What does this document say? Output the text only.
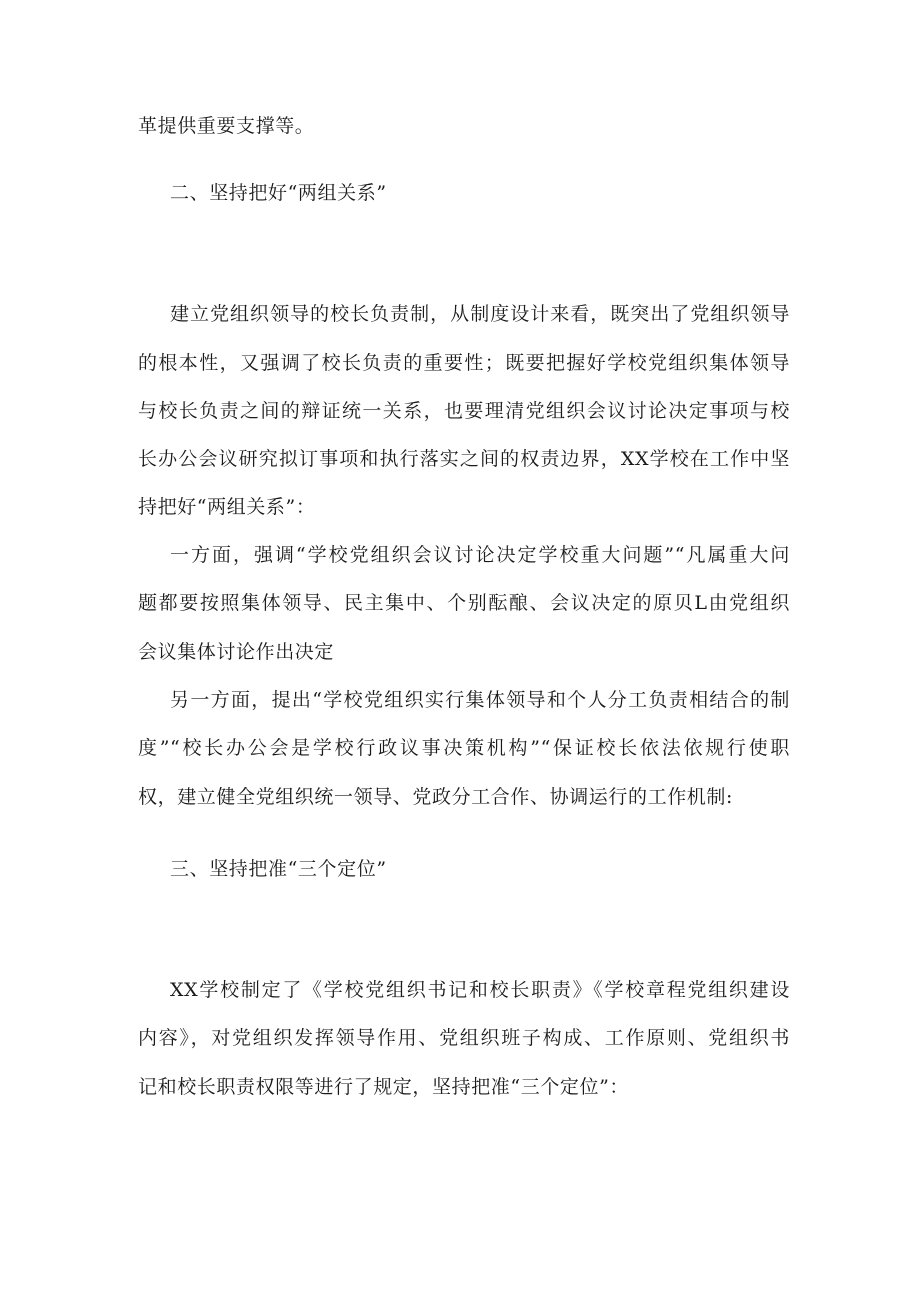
革提供重要支撑等。
二、坚持把好“两组关系”
建立党组织领导的校长负责制，从制度设计来看，既突出了党组织领导
的根本性，又强调了校长负责的重要性；既要把握好学校党组织集体领导
与校长负责之间的辩证统一关系，也要理清党组织会议讨论决定事项与校
长办公会议研究拟订事项和执行落实之间的权责边界，XX学校在工作中坚
持把好“两组关系”：
一方面，强调“学校党组织会议讨论决定学校重大问题”“凡属重大问
题都要按照集体领导、民主集中、个别酝酿、会议决定的原贝L由党组织
会议集体讨论作出决定
另一方面，提出“学校党组织实行集体领导和个人分工负责相结合的制
度”“校长办公会是学校行政议事决策机构”“保证校长依法依规行使职
权，建立健全党组织统一领导、党政分工合作、协调运行的工作机制:
三、坚持把准“三个定位”
XX学校制定了《学校党组织书记和校长职责》《学校章程党组织建设
内容》，对党组织发挥领导作用、党组织班子构成、工作原则、党组织书
记和校长职责权限等进行了规定，坚持把准“三个定位”：
